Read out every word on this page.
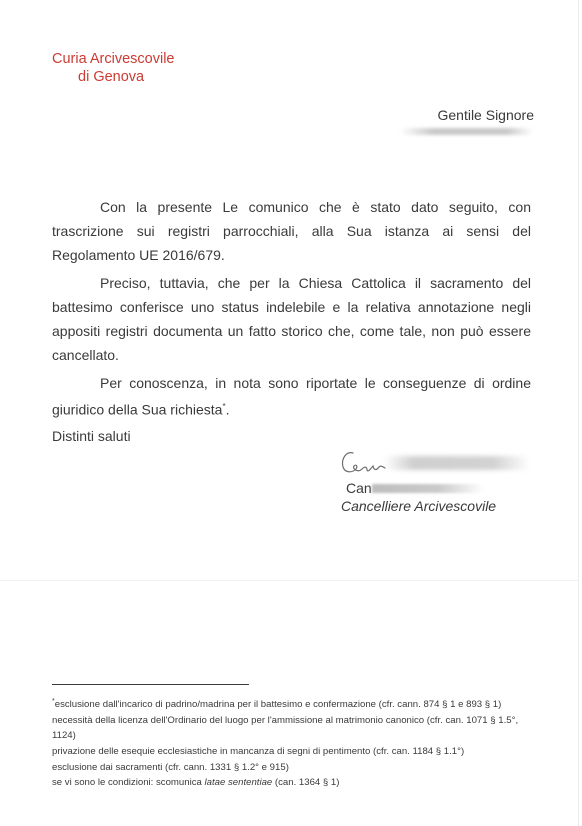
Curia Arcivescovile
di Genova
Gentile Signore

Con la presente Le comunico che è stato dato seguito, con trascrizione sui registri parrocchiali, alla Sua istanza ai sensi del Regolamento UE 2016/679.

Preciso, tuttavia, che per la Chiesa Cattolica il sacramento del battesimo conferisce uno status indelebile e la relativa annotazione negli appositi registri documenta un fatto storico che, come tale, non può essere cancellato.

Per conoscenza, in nota sono riportate le conseguenze di ordine giuridico della Sua richiesta*.

Distinti saluti

Can
Cancelliere Arcivescovile
*esclusione dall'incarico di padrino/madrina per il battesimo e confermazione (cfr. cann. 874 § 1 e 893 § 1)
necessità della licenza dell'Ordinario del luogo per l'ammissione al matrimonio canonico (cfr. can. 1071 § 1.5°, 1124)
privazione delle esequie ecclesiastiche in mancanza di segni di pentimento (cfr. can. 1184 § 1.1°)
esclusione dai sacramenti (cfr. cann. 1331 § 1.2° e 915)
se vi sono le condizioni: scomunica latae sententiae (can. 1364 § 1)
